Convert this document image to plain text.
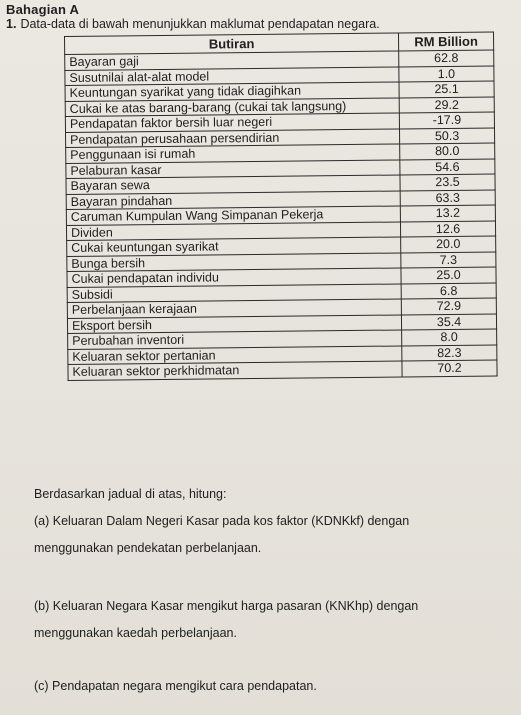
Bahagian A
1. Data-data di bawah menunjukkan maklumat pendapatan negara.
Butiran	RM Billion
Bayaran gaji	62.8
Susutnilai alat-alat model	1.0
Keuntungan syarikat yang tidak diagihkan	25.1
Cukai ke atas barang-barang (cukai tak langsung)	29.2
Pendapatan faktor bersih luar negeri	-17.9
Pendapatan perusahaan persendirian	50.3
Penggunaan isi rumah	80.0
Pelaburan kasar	54.6
Bayaran sewa	23.5
Bayaran pindahan	63.3
Caruman Kumpulan Wang Simpanan Pekerja	13.2
Dividen	12.6
Cukai keuntungan syarikat	20.0
Bunga bersih	7.3
Cukai pendapatan individu	25.0
Subsidi	6.8
Perbelanjaan kerajaan	72.9
Eksport bersih	35.4
Perubahan inventori	8.0
Keluaran sektor pertanian	82.3
Keluaran sektor perkhidmatan	70.2
Berdasarkan jadual di atas, hitung:
(a) Keluaran Dalam Negeri Kasar pada kos faktor (KDNKkf) dengan menggunakan pendekatan perbelanjaan.
(b) Keluaran Negara Kasar mengikut harga pasaran (KNKhp) dengan menggunakan kaedah perbelanjaan.
(c) Pendapatan negara mengikut cara pendapatan.
